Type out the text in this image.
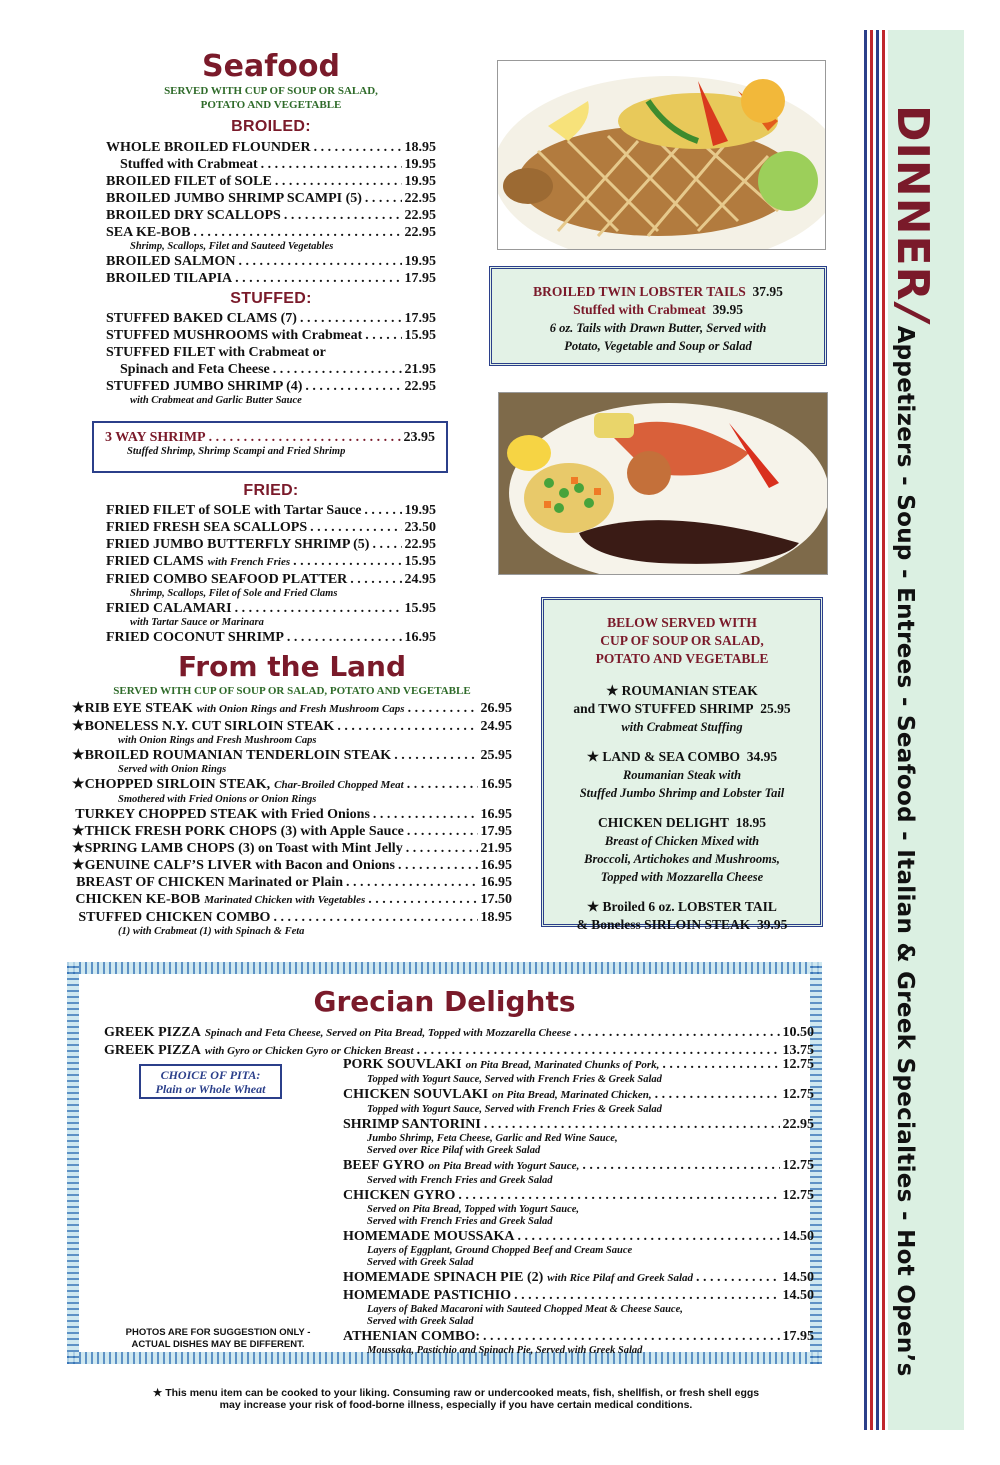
DINNER/Appetizers - Soup - Entrees - Seafood - Italian & Greek Specialties - Hot Open’s
Seafood
SERVED WITH CUP OF SOUP OR SALAD,
POTATO AND VEGETABLE
BROILED:
WHOLE BROILED FLOUNDER . . .	18.95
Stuffed with Crabmeat . . .	19.95
BROILED FILET of SOLE . . .	19.95
BROILED JUMBO SHRIMP SCAMPI (5) . . .	22.95
BROILED DRY SCALLOPS . . .	22.95
SEA KE-BOB . . .	22.95
Shrimp, Scallops, Filet and Sauteed Vegetables
BROILED SALMON . . .	19.95
BROILED TILAPIA . . .	17.95
STUFFED:
STUFFED BAKED CLAMS (7) . . .	17.95
STUFFED MUSHROOMS with Crabmeat . . .	15.95
STUFFED FILET with Crabmeat or
Spinach and Feta Cheese . . .	21.95
STUFFED JUMBO SHRIMP (4) . . .	22.95
with Crabmeat and Garlic Butter Sauce
3 WAY SHRIMP . . .	23.95
Stuffed Shrimp, Shrimp Scampi and Fried Shrimp
FRIED:
FRIED FILET of SOLE with Tartar Sauce . . .	19.95
FRIED FRESH SEA SCALLOPS . . .	23.50
FRIED JUMBO BUTTERFLY SHRIMP (5) . . .	22.95
FRIED CLAMS with French Fries . . .	15.95
FRIED COMBO SEAFOOD PLATTER . . .	24.95
Shrimp, Scallops, Filet of Sole and Fried Clams
FRIED CALAMARI . . .	15.95
with Tartar Sauce or Marinara
FRIED COCONUT SHRIMP . . .	16.95
From the Land
SERVED WITH CUP OF SOUP OR SALAD, POTATO AND VEGETABLE
★ RIB EYE STEAK with Onion Rings and Fresh Mushroom Caps . . .	26.95
★ BONELESS N.Y. CUT SIRLOIN STEAK . . .	24.95
with Onion Rings and Fresh Mushroom Caps
★ BROILED ROUMANIAN TENDERLOIN STEAK . . .	25.95
Served with Onion Rings
★ CHOPPED SIRLOIN STEAK, Char-Broiled Chopped Meat . . .	16.95
Smothered with Fried Onions or Onion Rings
TURKEY CHOPPED STEAK with Fried Onions . . .	16.95
★ THICK FRESH PORK CHOPS (3) with Apple Sauce . . .	17.95
★ SPRING LAMB CHOPS (3) on Toast with Mint Jelly . . .	21.95
★ GENUINE CALF’S LIVER with Bacon and Onions . . .	16.95
BREAST OF CHICKEN Marinated or Plain . . .	16.95
CHICKEN KE-BOB Marinated Chicken with Vegetables . . .	17.50
STUFFED CHICKEN COMBO . . .	18.95
(1) with Crabmeat (1) with Spinach & Feta
BROILED TWIN LOBSTER TAILS 37.95
Stuffed with Crabmeat 39.95
6 oz. Tails with Drawn Butter, Served with
Potato, Vegetable and Soup or Salad
BELOW SERVED WITH
CUP OF SOUP OR SALAD,
POTATO AND VEGETABLE
★ ROUMANIAN STEAK
and TWO STUFFED SHRIMP 25.95
with Crabmeat Stuffing
★ LAND & SEA COMBO 34.95
Roumanian Steak with
Stuffed Jumbo Shrimp and Lobster Tail
CHICKEN DELIGHT 18.95
Breast of Chicken Mixed with
Broccoli, Artichokes and Mushrooms,
Topped with Mozzarella Cheese
★ Broiled 6 oz. LOBSTER TAIL
& Boneless SIRLOIN STEAK 39.95
Grecian Delights
GREEK PIZZA Spinach and Feta Cheese, Served on Pita Bread, Topped with Mozzarella Cheese . . .	10.50
GREEK PIZZA with Gyro or Chicken Gyro or Chicken Breast . . .	13.75
CHOICE OF PITA:
Plain or Whole Wheat
PHOTOS ARE FOR SUGGESTION ONLY -
ACTUAL DISHES MAY BE DIFFERENT.
PORK SOUVLAKI on Pita Bread, Marinated Chunks of Pork, . . .	12.75
Topped with Yogurt Sauce, Served with French Fries & Greek Salad
CHICKEN SOUVLAKI on Pita Bread, Marinated Chicken, . . .	12.75
Topped with Yogurt Sauce, Served with French Fries & Greek Salad
SHRIMP SANTORINI . . .	22.95
Jumbo Shrimp, Feta Cheese, Garlic and Red Wine Sauce,
Served over Rice Pilaf with Greek Salad
BEEF GYRO on Pita Bread with Yogurt Sauce, . . .	12.75
Served with French Fries and Greek Salad
CHICKEN GYRO . . .	12.75
Served on Pita Bread, Topped with Yogurt Sauce,
Served with French Fries and Greek Salad
HOMEMADE MOUSSAKA . . .	14.50
Layers of Eggplant, Ground Chopped Beef and Cream Sauce
Served with Greek Salad
HOMEMADE SPINACH PIE (2) with Rice Pilaf and Greek Salad . . .	14.50
HOMEMADE PASTICHIO . . .	14.50
Layers of Baked Macaroni with Sauteed Chopped Meat & Cheese Sauce,
Served with Greek Salad
ATHENIAN COMBO: . . .	17.95
Moussaka, Pastichio and Spinach Pie, Served with Greek Salad
★ This menu item can be cooked to your liking. Consuming raw or undercooked meats, fish, shellfish, or fresh shell eggs
may increase your risk of food-borne illness, especially if you have certain medical conditions.
